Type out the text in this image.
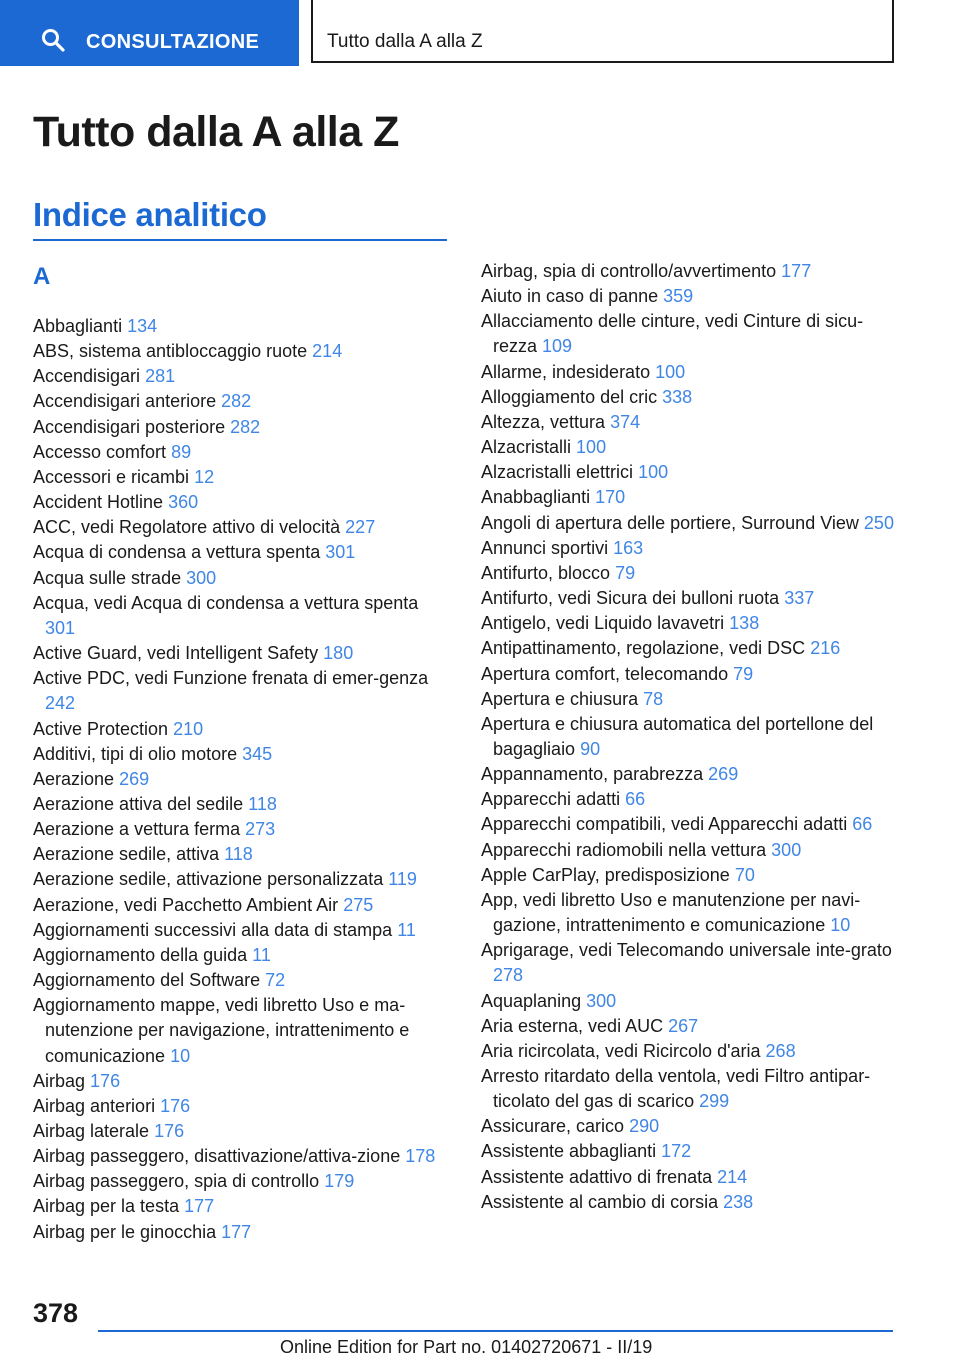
CONSULTAZIONE	Tutto dalla A alla Z
Tutto dalla A alla Z
Indice analitico
A

Abbaglianti 134

ABS, sistema antibloccaggio ruote 214

Accendisigari 281

Accendisigari anteriore 282

Accendisigari posteriore 282

Accesso comfort 89

Accessori e ricambi 12

Accident Hotline 360

ACC, vedi Regolatore attivo di velocità 227

Acqua di condensa a vettura spenta 301

Acqua sulle strade 300

Acqua, vedi Acqua di condensa a vettura spenta 301

Active Guard, vedi Intelligent Safety 180

Active PDC, vedi Funzione frenata di emer‐genza 242

Active Protection 210

Additivi, tipi di olio motore 345

Aerazione 269

Aerazione attiva del sedile 118

Aerazione a vettura ferma 273

Aerazione sedile, attiva 118

Aerazione sedile, attivazione personalizzata 119

Aerazione, vedi Pacchetto Ambient Air 275

Aggiornamenti successivi alla data di stampa 11

Aggiornamento della guida 11

Aggiornamento del Software 72

Aggiornamento mappe, vedi libretto Uso e ma‐nutenzione per navigazione, intrattenimento e comunicazione 10

Airbag 176

Airbag anteriori 176

Airbag laterale 176

Airbag passeggero, disattivazione/attiva‐zione 178

Airbag passeggero, spia di controllo 179

Airbag per la testa 177

Airbag per le ginocchia 177

Airbag, spia di controllo/avvertimento 177

Aiuto in caso di panne 359

Allacciamento delle cinture, vedi Cinture di sicu‐rezza 109

Allarme, indesiderato 100

Alloggiamento del cric 338

Altezza, vettura 374

Alzacristalli 100

Alzacristalli elettrici 100

Anabbaglianti 170

Angoli di apertura delle portiere, Surround View 250

Annunci sportivi 163

Antifurto, blocco 79

Antifurto, vedi Sicura dei bulloni ruota 337

Antigelo, vedi Liquido lavavetri 138

Antipattinamento, regolazione, vedi DSC 216

Apertura comfort, telecomando 79

Apertura e chiusura 78

Apertura e chiusura automatica del portellone del bagagliaio 90

Appannamento, parabrezza 269

Apparecchi adatti 66

Apparecchi compatibili, vedi Apparecchi adatti 66

Apparecchi radiomobili nella vettura 300

Apple CarPlay, predisposizione 70

App, vedi libretto Uso e manutenzione per navi‐gazione, intrattenimento e comunicazione 10

Aprigarage, vedi Telecomando universale inte‐grato 278

Aquaplaning 300

Aria esterna, vedi AUC 267

Aria ricircolata, vedi Ricircolo d'aria 268

Arresto ritardato della ventola, vedi Filtro antipar‐ticolato del gas di scarico 299

Assicurare, carico 290

Assistente abbaglianti 172

Assistente adattivo di frenata 214

Assistente al cambio di corsia 238

378
Online Edition for Part no. 01402720671 - II/19
